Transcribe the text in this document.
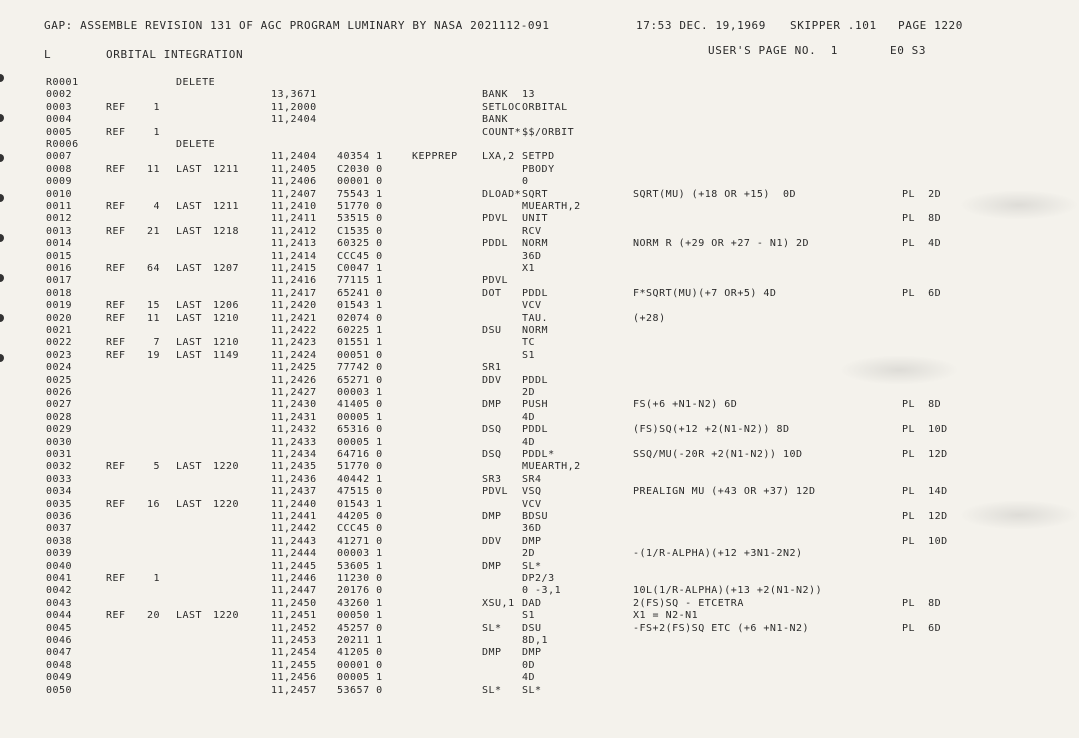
GAP: ASSEMBLE REVISION 131 OF AGC PROGRAM LUMINARY BY NASA 2021112-091	17:53 DEC. 19,1969 SKIPPER .101 PAGE 1220
L	ORBITAL INTEGRATION	USER'S PAGE NO.  1	E0 S3
R0001	DELETE
0002	13,3671	BANK 13
0003	REF	1	11,2000	SETLOC ORBITAL
0004	11,2404	BANK
0005	REF	1	COUNT* $$/ORBIT
R0006	DELETE
0007	11,2404 40354 1	KEPPREP LXA,2 SETPD
0008	REF 11 LAST 1211	11,2405 C2030 0	PBODY
0009	11,2406 00001 0	0
0010	11,2407 75543 1	DLOAD* SQRT	SQRT(MU) (+18 OR +15)  0D	PL  2D
0011	REF	4 LAST 1211	11,2410 51770 0	MUEARTH,2
0012	11,2411 53515 0	PDVL UNIT	PL  8D
0013	REF 21 LAST 1218	11,2412 C1535 0	RCV
0014	11,2413 60325 0	PDDL NORM	NORM R (+29 OR +27 - N1) 2D	PL  4D
0015	11,2414 CCC45 0	36D
0016	REF 64 LAST 1207	11,2415 C0047 1	X1
0017	11,2416 77115 1	PDVL
0018	11,2417 65241 0	DOT PDDL	F*SQRT(MU)(+7 OR+5) 4D	PL  6D
0019	REF 15 LAST 1206	11,2420 01543 1	VCV
0020	REF 11 LAST 1210	11,2421 02074 0	TAU.	(+28)
0021	11,2422 60225 1	DSU NORM
0022	REF	7 LAST 1210	11,2423 01551 1	TC
0023	REF 19 LAST 1149	11,2424 00051 0	S1
0024	11,2425 77742 0	SR1
0025	11,2426 65271 0	DDV PDDL
0026	11,2427 00003 1	2D
0027	11,2430 41405 0	DMP PUSH	FS(+6 +N1-N2) 6D	PL  8D
0028	11,2431 00005 1	4D
0029	11,2432 65316 0	DSQ PDDL	(FS)SQ(+12 +2(N1-N2)) 8D	PL  10D
0030	11,2433 00005 1	4D
0031	11,2434 64716 0	DSQ PDDL*	SSQ/MU(-20R +2(N1-N2)) 10D	PL  12D
0032	REF	5 LAST 1220	11,2435 51770 0	MUEARTH,2
0033	11,2436 40442 1	SR3 SR4
0034	11,2437 47515 0	PDVL VSQ	PREALIGN MU (+43 OR +37) 12D	PL  14D
0035	REF 16 LAST 1220	11,2440 01543 1	VCV
0036	11,2441 44205 0	DMP BDSU	PL  12D
0037	11,2442 CCC45 0	36D
0038	11,2443 41271 0	DDV DMP	PL  10D
0039	11,2444 00003 1	2D	-(1/R-ALPHA)(+12 +3N1-2N2)
0040	11,2445 53605 1	DMP SL*
0041	REF	1	11,2446 11230 0	DP2/3
0042	11,2447 20176 0	0 -3,1	10L(1/R-ALPHA)(+13 +2(N1-N2))
0043	11,2450 43260 1	XSU,1 DAD	2(FS)SQ - ETCETRA	PL  8D
0044	REF 20 LAST 1220	11,2451 00050 1	S1	X1 = N2-N1
0045	11,2452 45257 0	SL* DSU	-FS+2(FS)SQ ETC (+6 +N1-N2)	PL  6D
0046	11,2453 20211 1	8D,1
0047	11,2454 41205 0	DMP DMP
0048	11,2455 00001 0	0D
0049	11,2456 00005 1	4D
0050	11,2457 53657 0	SL* SL*
